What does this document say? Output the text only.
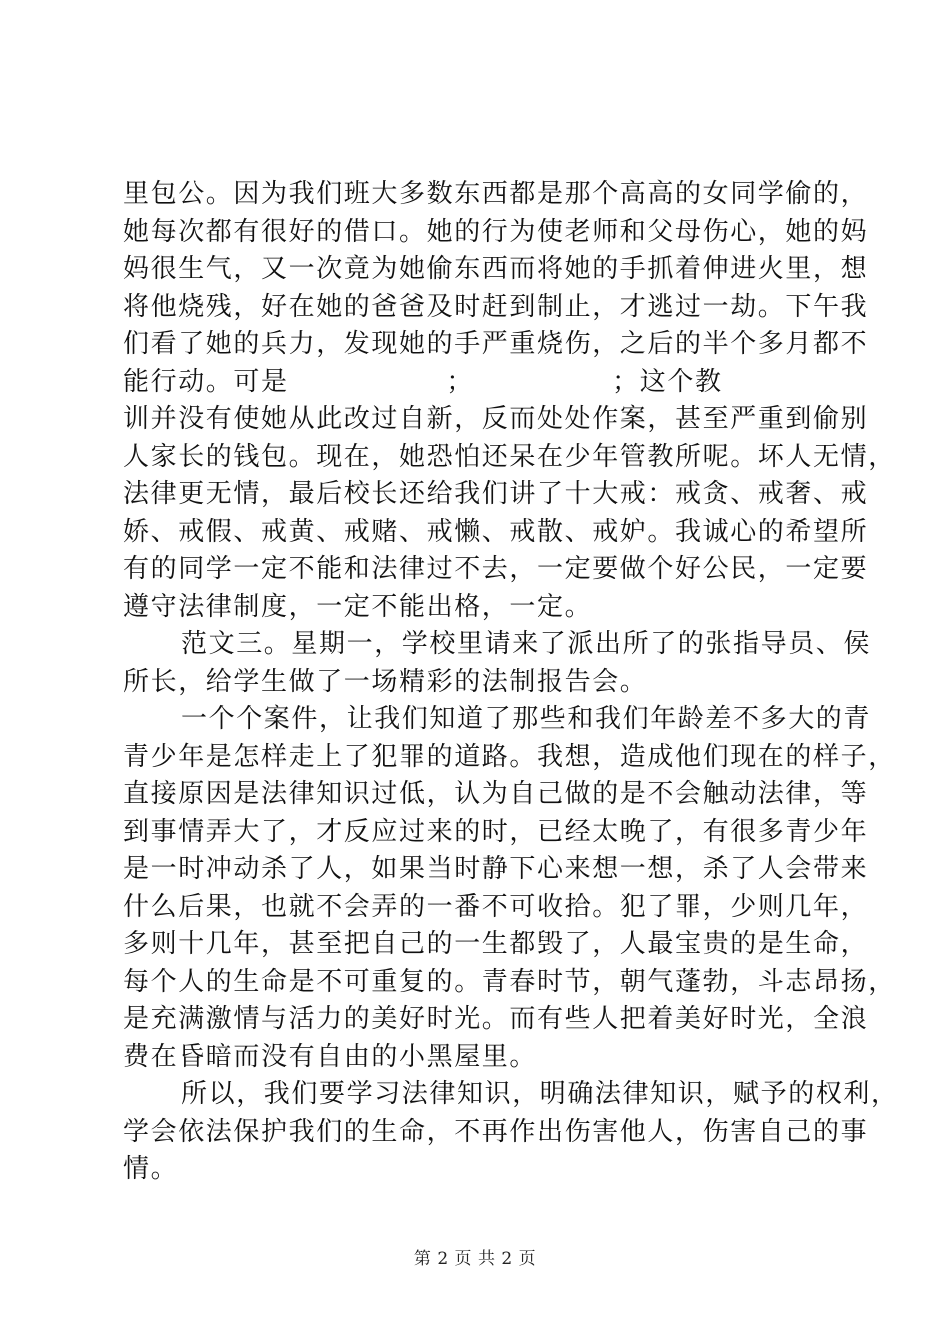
里包公。因为我们班大多数东西都是那个高高的女同学偷的，
她每次都有很好的借口。她的行为使老师和父母伤心，她的妈
妈很生气，又一次竟为她偷东西而将她的手抓着伸进火里，想
将他烧残，好在她的爸爸及时赶到制止，才逃过一劫。下午我
们看了她的兵力，发现她的手严重烧伤，之后的半个多月都不
能行动。可是                ；              ；这个教
训并没有使她从此改过自新，反而处处作案，甚至严重到偷别
人家长的钱包。现在，她恐怕还呆在少年管教所呢。坏人无情，
法律更无情，最后校长还给我们讲了十大戒：戒贪、戒奢、戒
娇、戒假、戒黄、戒赌、戒懒、戒散、戒妒。我诚心的希望所
有的同学一定不能和法律过不去，一定要做个好公民，一定要
遵守法律制度，一定不能出格，一定。
范文三。星期一，学校里请来了派出所了的张指导员、侯
所长，给学生做了一场精彩的法制报告会。
一个个案件，让我们知道了那些和我们年龄差不多大的青
青少年是怎样走上了犯罪的道路。我想，造成他们现在的样子，
直接原因是法律知识过低，认为自己做的是不会触动法律，等
到事情弄大了，才反应过来的时，已经太晚了，有很多青少年
是一时冲动杀了人，如果当时静下心来想一想，杀了人会带来
什么后果，也就不会弄的一番不可收拾。犯了罪，少则几年，
多则十几年，甚至把自己的一生都毁了，人最宝贵的是生命，
每个人的生命是不可重复的。青春时节，朝气蓬勃，斗志昂扬，
是充满激情与活力的美好时光。而有些人把着美好时光，全浪
费在昏暗而没有自由的小黑屋里。
所以，我们要学习法律知识，明确法律知识，赋予的权利，
学会依法保护我们的生命，不再作出伤害他人，伤害自己的事
情。
第 2 页 共 2 页
